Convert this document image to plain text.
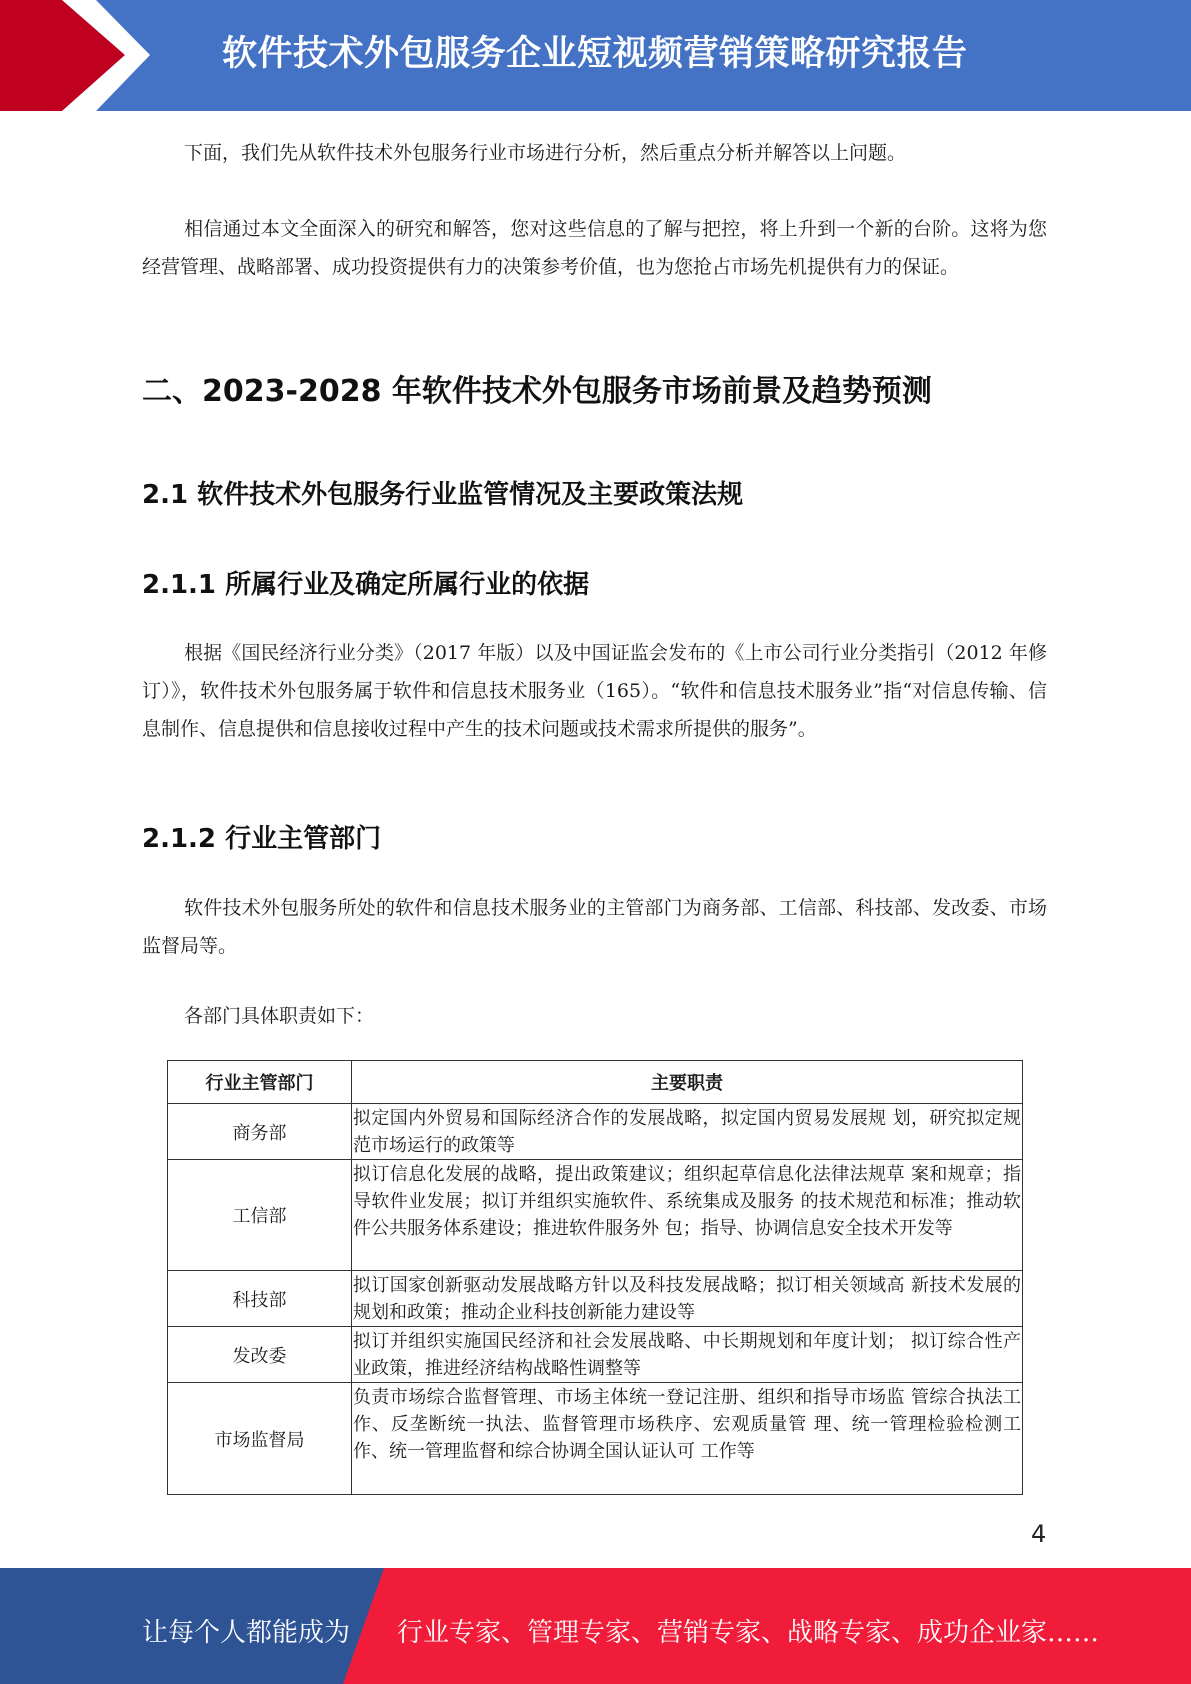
软件技术外包服务企业短视频营销策略研究报告
下面，我们先从软件技术外包服务行业市场进行分析，然后重点分析并解答以上问题。
相信通过本文全面深入的研究和解答，您对这些信息的了解与把控，将上升到一个新的台阶。这将为您经营管理、战略部署、成功投资提供有力的决策参考价值，也为您抢占市场先机提供有力的保证。
二、2023-2028 年软件技术外包服务市场前景及趋势预测
2.1 软件技术外包服务行业监管情况及主要政策法规
2.1.1 所属行业及确定所属行业的依据
根据《国民经济行业分类》（2017 年版）以及中国证监会发布的《上市公司行业分类指引（2012 年修订）》，软件技术外包服务属于软件和信息技术服务业（165）。“软件和信息技术服务业”指“对信息传输、信息制作、信息提供和信息接收过程中产生的技术问题或技术需求所提供的服务”。
2.1.2 行业主管部门
软件技术外包服务所处的软件和信息技术服务业的主管部门为商务部、工信部、科技部、发改委、市场监督局等。
各部门具体职责如下：
行业主管部门	主要职责
商务部	拟定国内外贸易和国际经济合作的发展战略，拟定国内贸易发展规 划，研究拟定规范市场运行的政策等
工信部	拟订信息化发展的战略，提出政策建议；组织起草信息化法律法规草 案和规章；指导软件业发展；拟订并组织实施软件、系统集成及服务 的技术规范和标准；推动软件公共服务体系建设；推进软件服务外 包；指导、协调信息安全技术开发等
科技部	拟订国家创新驱动发展战略方针以及科技发展战略；拟订相关领域高 新技术发展的规划和政策；推动企业科技创新能力建设等
发改委	拟订并组织实施国民经济和社会发展战略、中长期规划和年度计划； 拟订综合性产业政策，推进经济结构战略性调整等
市场监督局	负责市场综合监督管理、市场主体统一登记注册、组织和指导市场监 管综合执法工作、反垄断统一执法、监督管理市场秩序、宏观质量管 理、统一管理检验检测工作、统一管理监督和综合协调全国认证认可 工作等
4
让每个人都能成为 行业专家、管理专家、营销专家、战略专家、成功企业家……
